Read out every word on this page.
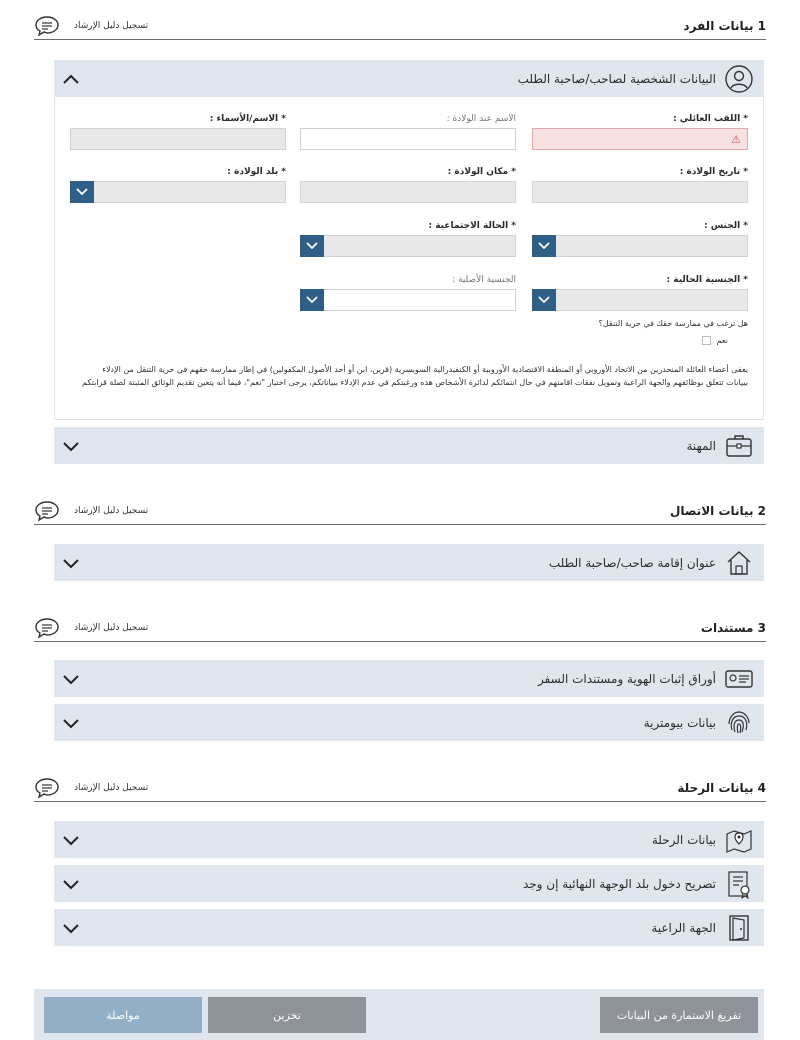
1 بيانات الفرد
تسجيل دليل الإرشاد
البيانات الشخصية لصاحب/صاحبة الطلب
* اللقب العائلي :
⚠
الاسم عند الولادة :
* الاسم/الأسماء :
* تاريخ الولادة :
* مكان الولادة :
* بلد الولادة :
* الجنس :
* الحالة الاجتماعية :
* الجنسية الحالية :
الجنسية الأصلية :
هل ترغب في ممارسة حقك في حرية التنقل؟
نعم
يعفى أعضاء العائلة المنحدرين من الاتحاد الأوروبي أو المنطقة الاقتصادية الأوروبية أو الكنفيدرالية السويسرية (قرين، ابن أو أحد الأصول المكفولين) في إطار ممارسة حقهم في حرية التنقل من الإدلاء
ببيانات تتعلق بوظائفهم والجهة الراعية وتمويل نفقات اقامتهم في حال انتمائكم لدائرة الأشخاص هذه ورغبتكم في عدم الإدلاء ببياناتكم، يرجى اختيار "نعم"، فيما أنه يتعين تقديم الوثائق المثبتة لصلة قرابتكم
المهنة
2 بيانات الاتصال
تسجيل دليل الإرشاد
عنوان إقامة صاحب/صاحبة الطلب
3 مستندات
تسجيل دليل الإرشاد
أوراق إثبات الهوية ومستندات السفر
بيانات بيومترية
4 بيانات الرحلة
تسجيل دليل الإرشاد
بيانات الرحلة
تصريح دخول بلد الوجهة النهائية إن وجد
الجهة الراعية
تفريغ الاستمارة من البيانات
تخزين
مواصلة
